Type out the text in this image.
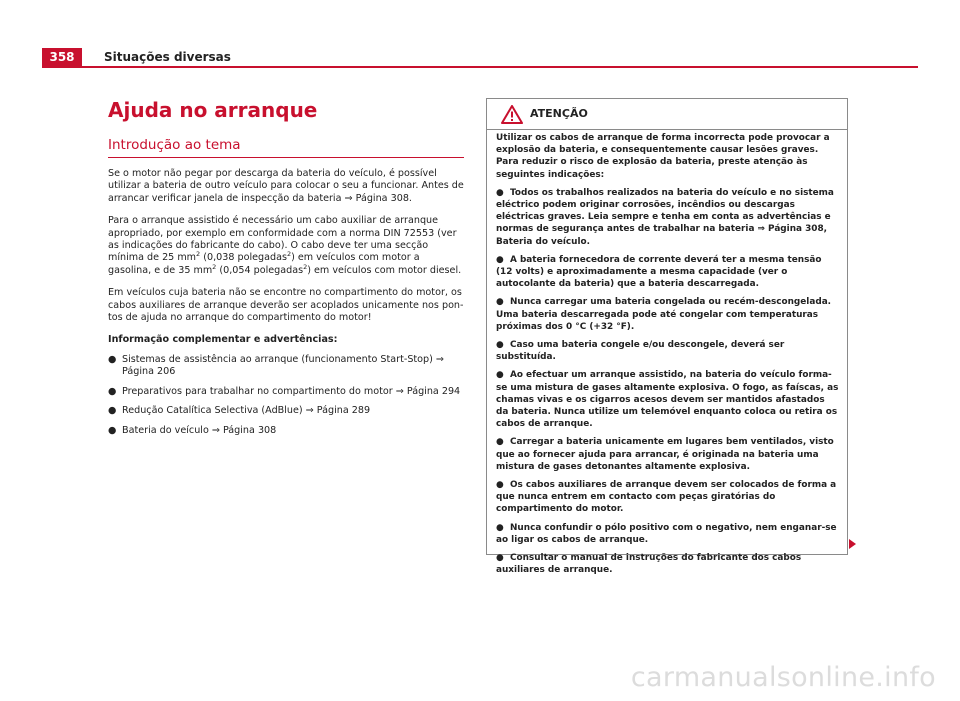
358	Situações diversas
Ajuda no arranque
Introdução ao tema

Se o motor não pegar por descarga da bateria do veículo, é possível utilizar a bateria de outro veículo para colocar o seu a funcionar. Antes de arrancar verificar janela de inspecção da bateria ⇒ Página 308.

Para o arranque assistido é necessário um cabo auxiliar de arranque apropriado, por exemplo em conformidade com a norma DIN 72553 (ver as indicações do fabricante do cabo). O cabo deve ter uma secção mínima de 25 $mm^2$ (0,038 polegadas$^2$) em veículos com motor a gasolina, e de 35 $mm^2$ (0,054 polegadas$^2$) em veículos com motor diesel.

Em veículos cuja bateria não se encontre no compartimento do motor, os cabos auxiliares de arranque deverão ser acoplados unicamente nos pontos de ajuda no arranque do compartimento do motor!

Informação complementar e advertências:

● Sistemas de assistência ao arranque (funcionamento Start-Stop) ⇒ Página 206
● Preparativos para trabalhar no compartimento do motor ⇒ Página 294
● Redução Catalítica Selectiva (AdBlue) ⇒ Página 289
● Bateria do veículo ⇒ Página 308
ATENÇÃO

Utilizar os cabos de arranque de forma incorrecta pode provocar a explosão da bateria, e consequentemente causar lesões graves. Para reduzir o risco de explosão da bateria, preste atenção às seguintes indicações:

● Todos os trabalhos realizados na bateria do veículo e no sistema eléctrico podem originar corrosões, incêndios ou descargas eléctricas graves. Leia sempre e tenha em conta as advertências e normas de segurança antes de trabalhar na bateria ⇒ Página 308, Bateria do veículo.

● A bateria fornecedora de corrente deverá ter a mesma tensão (12 volts) e aproximadamente a mesma capacidade (ver o autocolante da bateria) que a bateria descarregada.

● Nunca carregar uma bateria congelada ou recém-descongelada. Uma bateria descarregada pode até congelar com temperaturas próximas dos 0 °C (+32 °F).

● Caso uma bateria congele e/ou descongele, deverá ser substituída.

● Ao efectuar um arranque assistido, na bateria do veículo forma-se uma mistura de gases altamente explosiva. O fogo, as faíscas, as chamas vivas e os cigarros acesos devem ser mantidos afastados da bateria. Nunca utilize um telemóvel enquanto coloca ou retira os cabos de arranque.

● Carregar a bateria unicamente em lugares bem ventilados, visto que ao fornecer ajuda para arrancar, é originada na bateria uma mistura de gases detonantes altamente explosiva.

● Os cabos auxiliares de arranque devem ser colocados de forma a que nunca entrem em contacto com peças giratórias do compartimento do motor.

● Nunca confundir o pólo positivo com o negativo, nem enganar-se ao ligar os cabos de arranque.

● Consultar o manual de instruções do fabricante dos cabos auxiliares de arranque.

carmanualsonline.info
